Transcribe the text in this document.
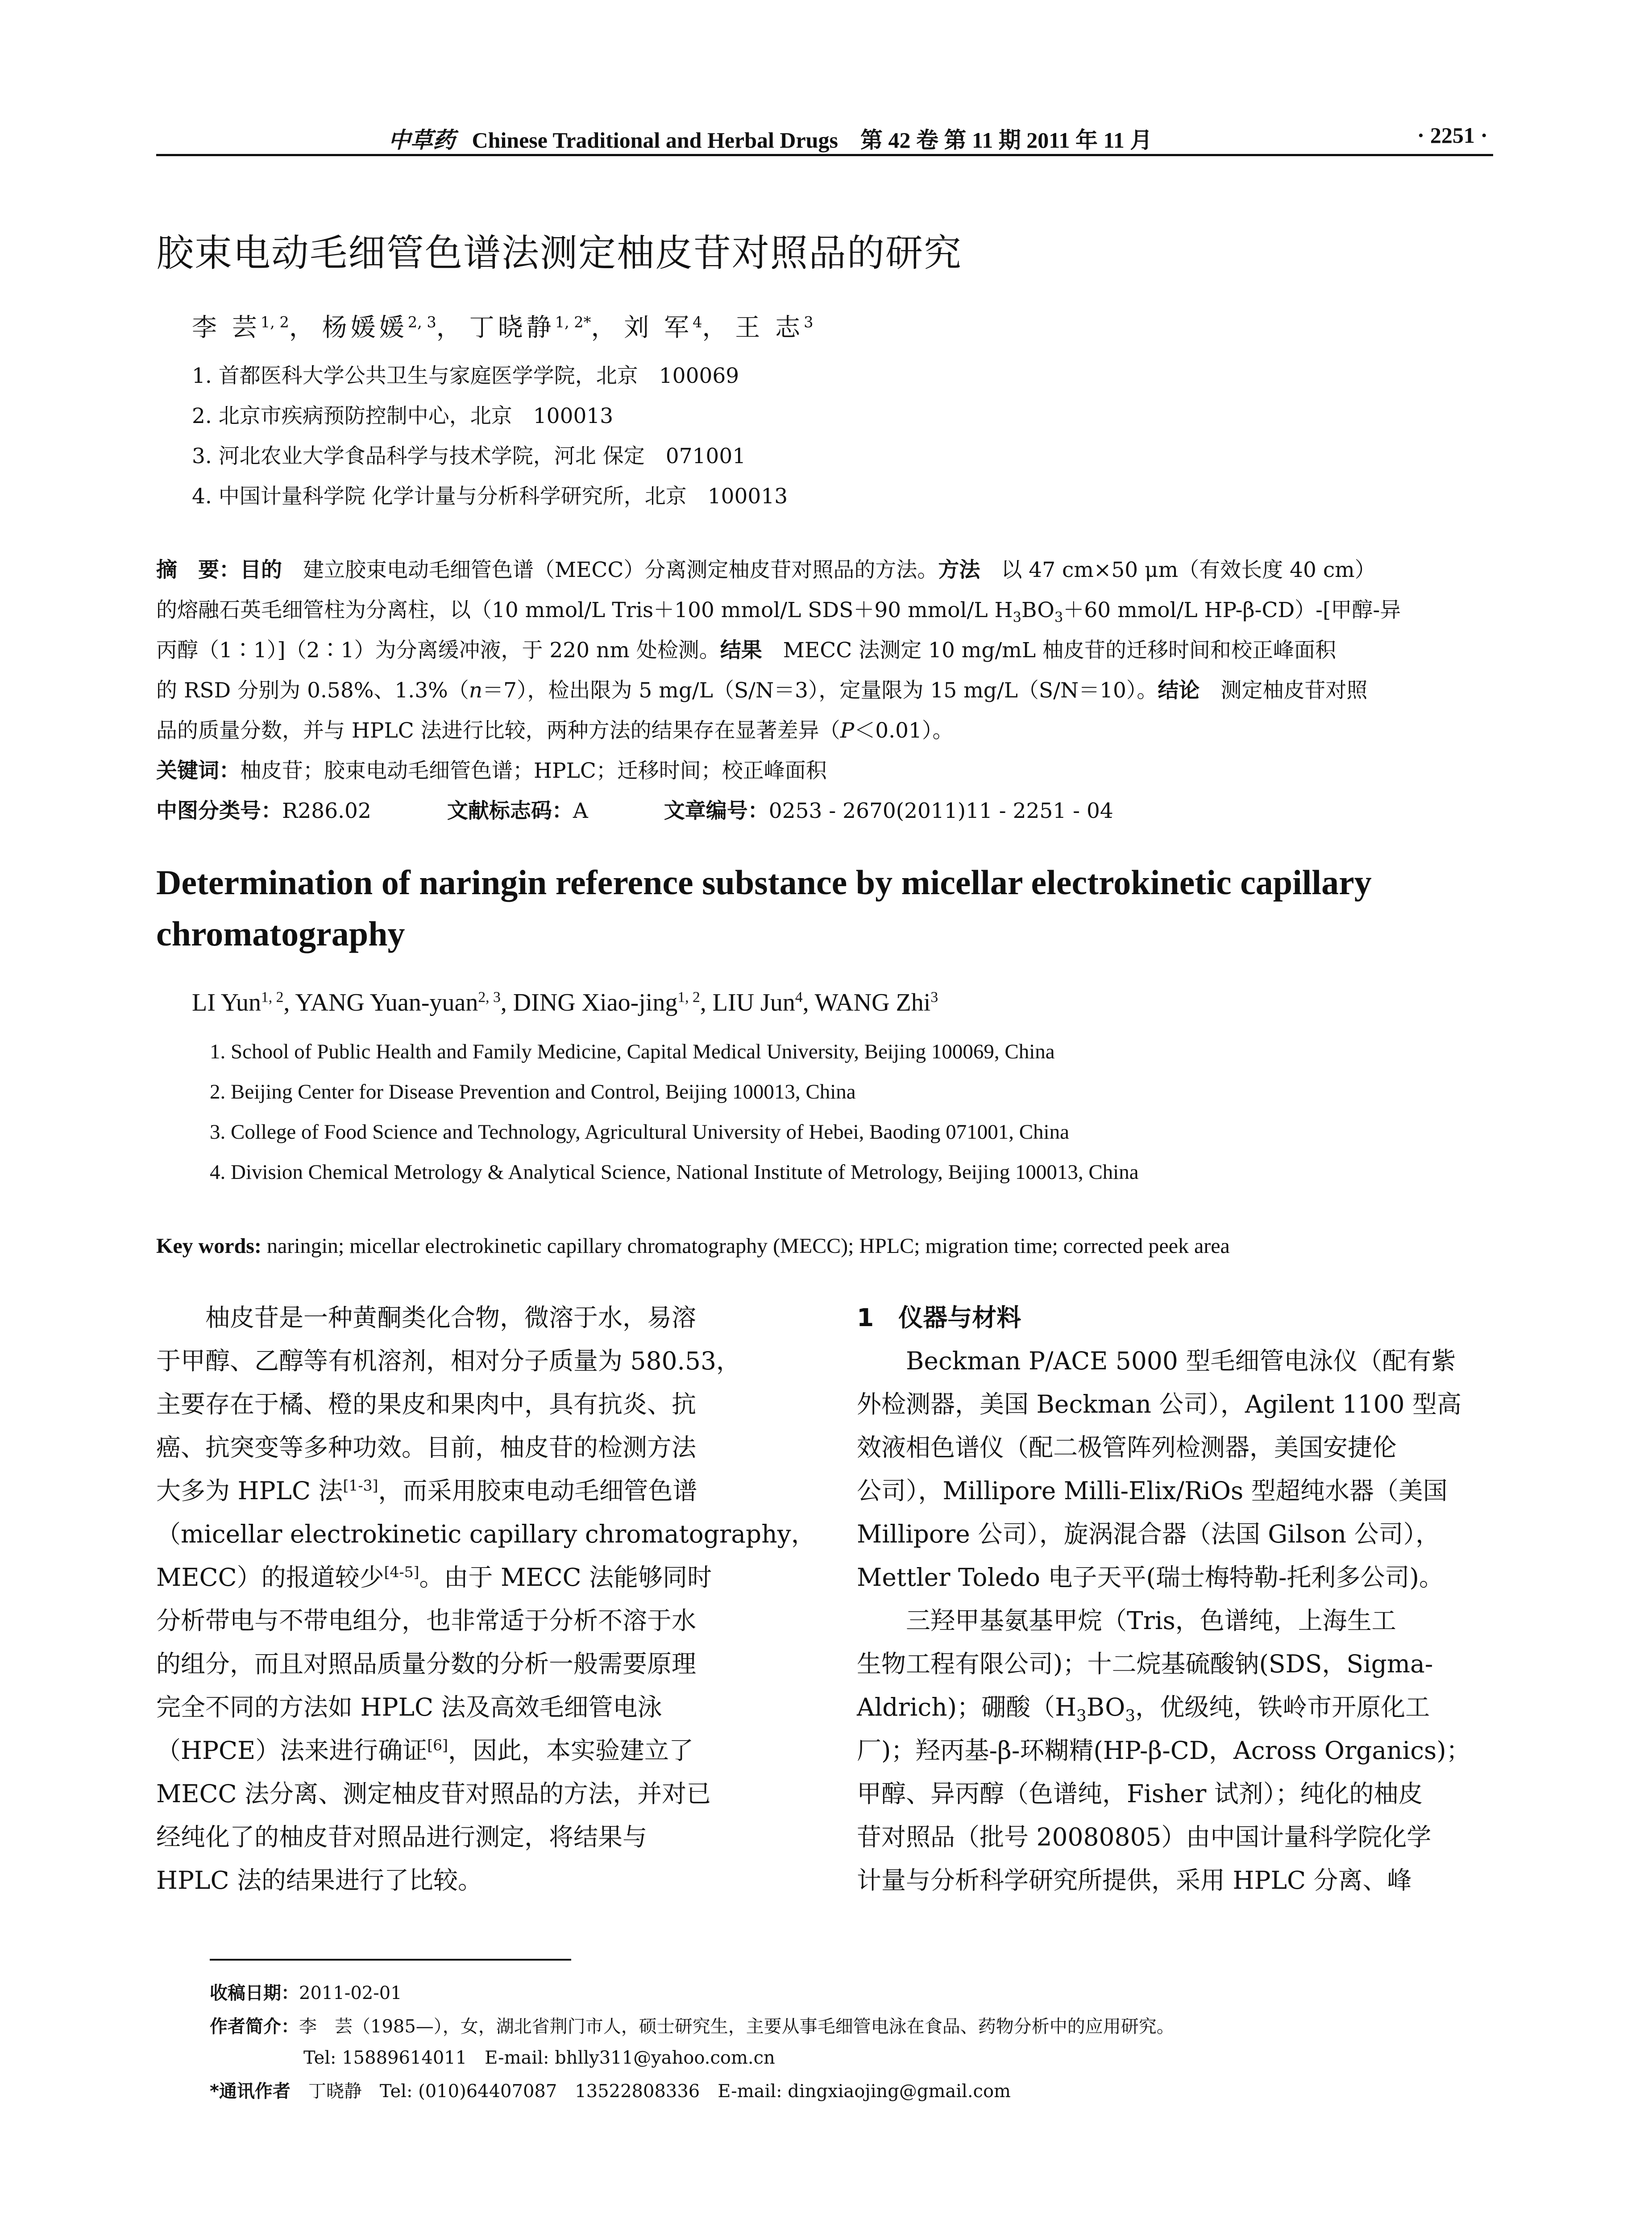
中草药 Chinese Traditional and Herbal Drugs 第 42 卷 第 11 期 2011 年 11 月	· 2251 ·
胶束电动毛细管色谱法测定柚皮苷对照品的研究
李 芸$^{1, 2}$， 杨媛媛$^{2, 3}$， 丁晓静$^{1, 2*}$， 刘 军$^4$， 王 志$^3$
1. 首都医科大学公共卫生与家庭医学学院，北京　100069
2. 北京市疾病预防控制中心，北京　100013
3. 河北农业大学食品科学与技术学院，河北 保定　071001
4. 中国计量科学院 化学计量与分析科学研究所，北京　100013
摘　要：目的　建立胶束电动毛细管色谱（MECC）分离测定柚皮苷对照品的方法。方法　以 47 cm×50 μm（有效长度 40 cm）
的熔融石英毛细管柱为分离柱，以（10 mmol/L Tris＋100 mmol/L SDS＋90 mmol/L $H_3BO_3+60$ mmol/L HP-β-CD）-[甲醇-异
丙醇（1∶1）]（2∶1）为分离缓冲液，于 220 nm 处检测。结果　MECC 法测定 10 mg/mL 柚皮苷的迁移时间和校正峰面积
的 RSD 分别为 0.58%、1.3%（n＝7），检出限为 5 mg/L（S/N＝3），定量限为 15 mg/L（S/N＝10）。结论　测定柚皮苷对照
品的质量分数，并与 HPLC 法进行比较，两种方法的结果存在显著差异（P＜0.01）。
关键词：柚皮苷；胶束电动毛细管色谱；HPLC；迁移时间；校正峰面积
中图分类号：R286.02	文献标志码：A	文章编号：0253 - 2670(2011)11 - 2251 - 04
Determination of naringin reference substance by micellar electrokinetic capillary chromatography
LI Yun$^{1, 2}$, YANG Yuan-yuan$^{2, 3}$, DING Xiao-jing$^{1, 2}$, LIU Jun$^4$, WANG Zhi$^3$
1. School of Public Health and Family Medicine, Capital Medical University, Beijing 100069, China
2. Beijing Center for Disease Prevention and Control, Beijing 100013, China
3. College of Food Science and Technology, Agricultural University of Hebei, Baoding 071001, China
4. Division Chemical Metrology & Analytical Science, National Institute of Metrology, Beijing 100013, China
Key words: naringin; micellar electrokinetic capillary chromatography (MECC); HPLC; migration time; corrected peek area
　　柚皮苷是一种黄酮类化合物，微溶于水，易溶
于甲醇、乙醇等有机溶剂，相对分子质量为 580.53，
主要存在于橘、橙的果皮和果肉中，具有抗炎、抗
癌、抗突变等多种功效。目前，柚皮苷的检测方法
大多为 HPLC 法[1-3]，而采用胶束电动毛细管色谱
（micellar electrokinetic capillary chromatography，
MECC）的报道较少[4-5]。由于 MECC 法能够同时
分析带电与不带电组分，也非常适于分析不溶于水
的组分，而且对照品质量分数的分析一般需要原理
完全不同的方法如 HPLC 法及高效毛细管电泳
（HPCE）法来进行确证[6]，因此，本实验建立了
MECC 法分离、测定柚皮苷对照品的方法，并对已
经纯化了的柚皮苷对照品进行测定，将结果与
HPLC 法的结果进行了比较。
1　仪器与材料
　　Beckman P/ACE 5000 型毛细管电泳仪（配有紫
外检测器，美国 Beckman 公司），Agilent 1100 型高
效液相色谱仪（配二极管阵列检测器，美国安捷伦
公司），Millipore Milli-Elix/RiOs 型超纯水器（美国
Millipore 公司），旋涡混合器（法国 Gilson 公司），
Mettler Toledo 电子天平(瑞士梅特勒-托利多公司)。
　　三羟甲基氨基甲烷（Tris，色谱纯，上海生工
生物工程有限公司)；十二烷基硫酸钠(SDS，Sigma-
Aldrich)；硼酸（$H_3BO_3$，优级纯，铁岭市开原化工
厂)；羟丙基-β-环糊精(HP-β-CD，Across Organics)；
甲醇、异丙醇（色谱纯，Fisher 试剂）；纯化的柚皮
苷对照品（批号 20080805）由中国计量科学院化学
计量与分析科学研究所提供，采用 HPLC 分离、峰
收稿日期：2011-02-01
作者简介：李　芸（1985—），女，湖北省荆门市人，硕士研究生，主要从事毛细管电泳在食品、药物分析中的应用研究。
Tel: 15889614011　E-mail: bhlly311@yahoo.com.cn
*通讯作者　丁晓静　Tel: (010)64407087　13522808336　E-mail: dingxiaojing@gmail.com
